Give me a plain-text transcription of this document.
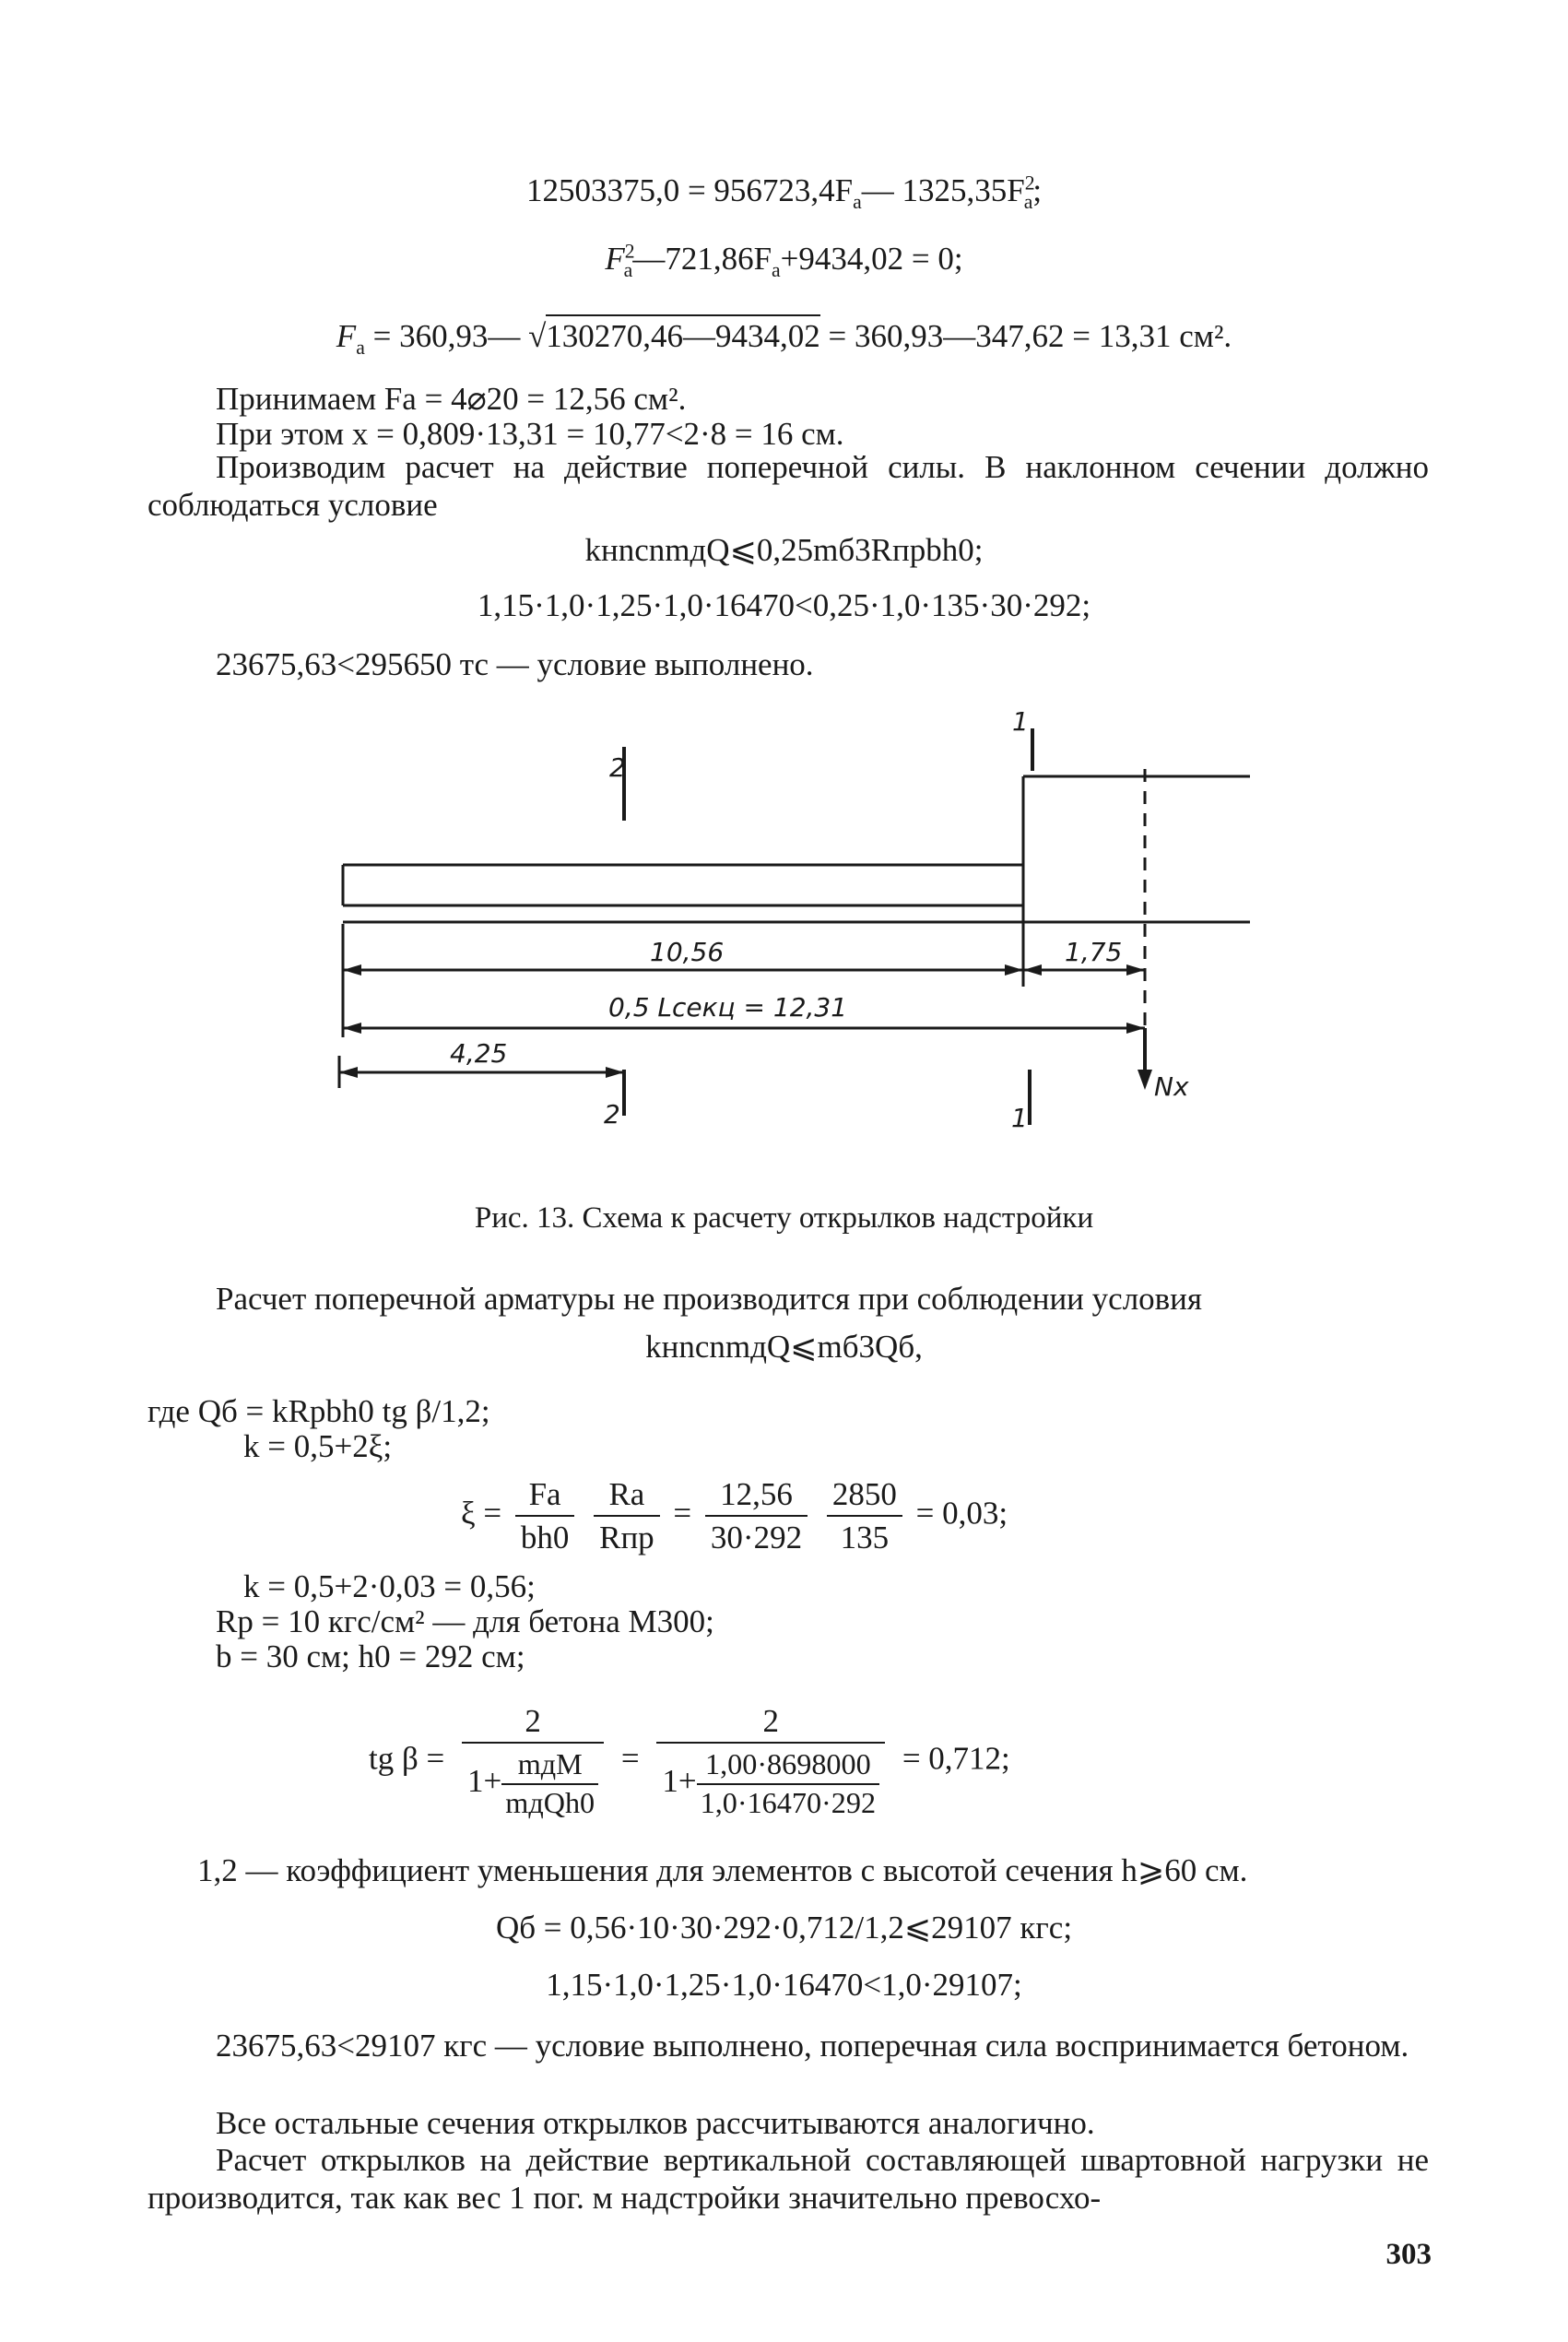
$12503375,0 = 956723,4F_a—$ $1325,35F^2_a$;
$F^2_a—721,86F_a+9434,02 = 0$;
$F_a$ = 360,93— √130270,46—9434,02 = 360,93—347,62 = 13,31 см².
Принимаем Fa = 4⌀20 = 12,56 см².
При этом x = 0,809·13,31 = 10,77<2·8 = 16 см.
Производим расчет на действие поперечной силы. В наклонном сечении должно соблюдаться условие
kнncnmдQ⩽0,25mб3Rпрbh0;
1,15·1,0·1,25·1,0·16470<0,25·1,0·135·30·292;
23675,63<295650 тс — условие выполнено.
2
2
1
1
10,56	1,75
0,5 Lсекц = 12,31
4,25
Nx
Рис. 13. Схема к расчету открылков надстройки
Расчет поперечной арматуры не производится при соблюдении условия
kнncnmдQ⩽mб3Qб,
где Qб = kRpbh0 tg β/1,2;
k = 0,5+2ξ;
$\xi = \frac{Fa}{bh0}$
$\frac{Ra}{\text{Rпр}} = \frac{12,56}{30\cdot 292}$
$\frac{2850}{135} = 0,03$;
k = 0,5+2·0,03 = 0,56;
Rp = 10 кгс/см² — для бетона М300;
b = 30 см; h0 = 292 см;
tg $\beta = \frac{2}{1+ \frac{\text{mдM}}{\text{mдQh0}}} = \frac{2}{1+ \frac{1,00\cdot 8698000}{1,0\cdot 16470\cdot 292}} = 0,712$;
1,2 — коэффициент уменьшения для элементов с высотой сечения h⩾60 см.
Qб = 0,56·10·30·292·0,712/1,2⩽29107 кгс;
1,15·1,0·1,25·1,0·16470<1,0·29107;
23675,63<29107 кгс — условие выполнено, поперечная сила воспринимается бетоном.
Все остальные сечения открылков рассчитываются аналогично.
Расчет открылков на действие вертикальной составляющей швартовной нагрузки не производится, так как вес 1 пог. м надстройки значительно превосхо-
303
